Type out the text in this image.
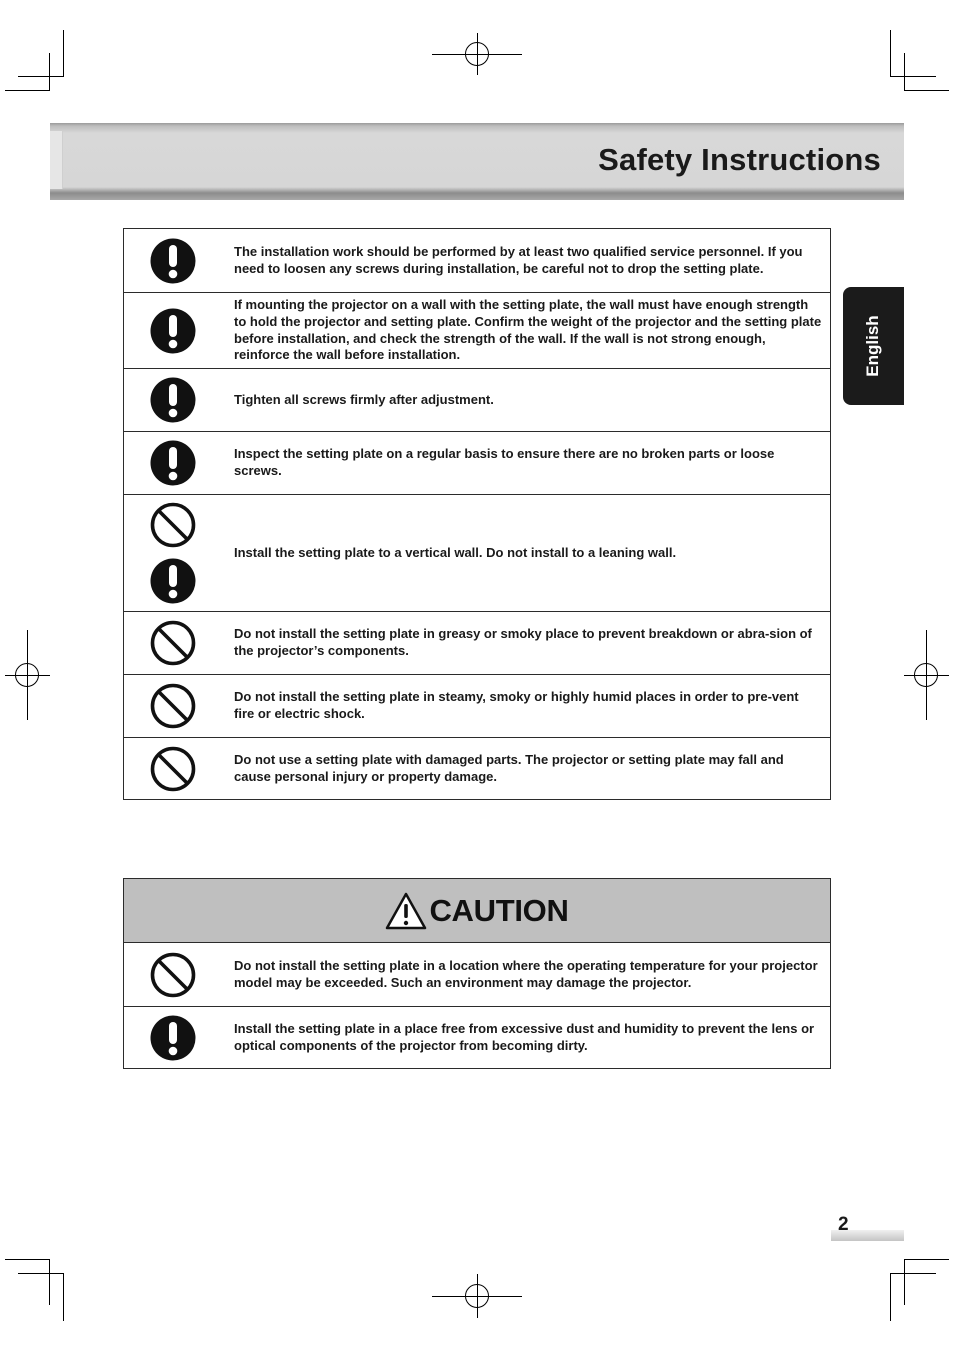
Safety Instructions
English
The installation work should be performed by at least two qualified service personnel. If you need to loosen any screws during installation, be careful not to drop the setting plate.
If mounting the projector on a wall with the setting plate, the wall must have enough strength to hold the projector and setting plate. Confirm the weight of the projector and the setting plate before installation, and check the strength of the wall. If the wall is not strong enough, reinforce the wall before installation.
Tighten all screws firmly after adjustment.
Inspect the setting plate on a regular basis to ensure there are no broken parts or loose screws.
Install the setting plate to a vertical wall. Do not install to a leaning wall.
Do not install the setting plate in greasy or smoky place to prevent breakdown or abra-sion of the projector’s components.
Do not install the setting plate in steamy, smoky or highly humid places in order to pre-vent fire or electric shock.
Do not use a setting plate with damaged parts. The projector or setting plate may fall and cause personal injury or property damage.
CAUTION
Do not install the setting plate in a location where the operating temperature for your projector model may be exceeded. Such an environment may damage the projector.
Install the setting plate in a place free from excessive dust and humidity to prevent the lens or optical components of the projector from becoming dirty.
2
